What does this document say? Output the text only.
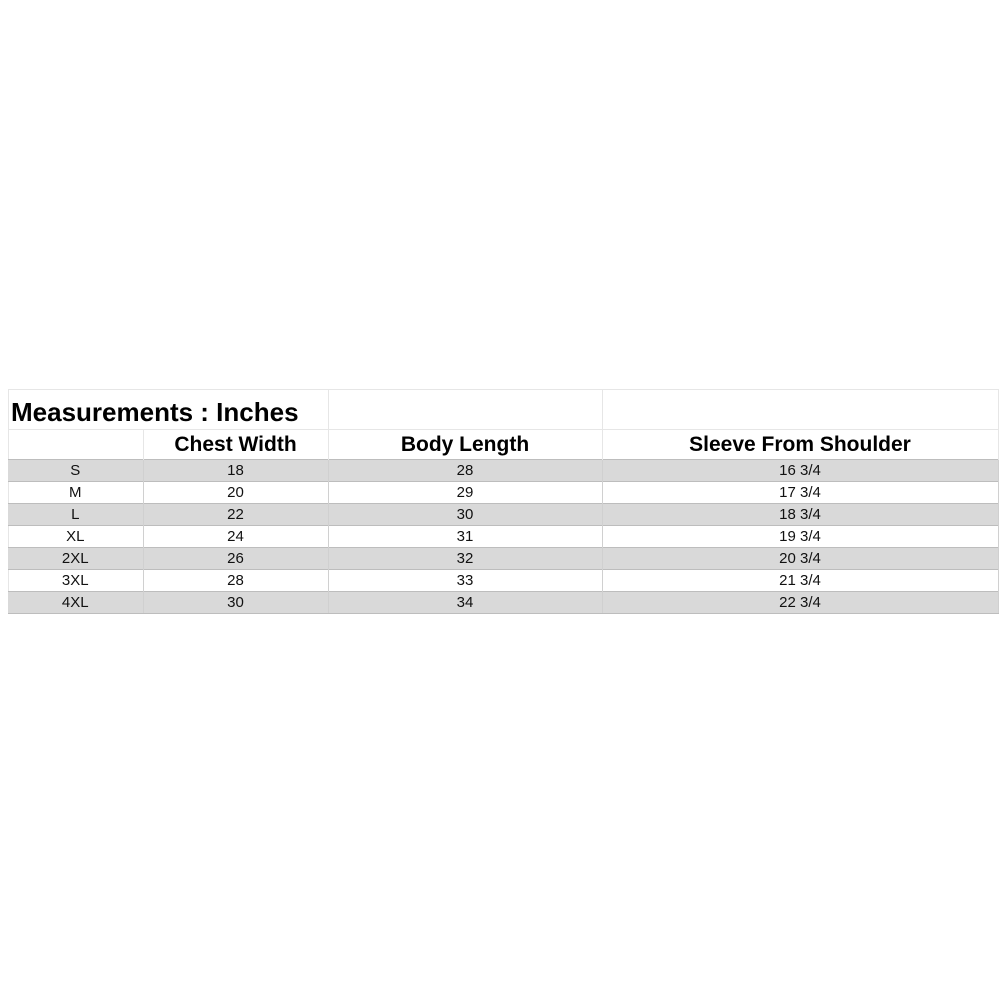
Measurements : Inches			
	Chest Width	Body Length	Sleeve From Shoulder
S	18	28	16 3/4
M	20	29	17 3/4
L	22	30	18 3/4
XL	24	31	19 3/4
2XL	26	32	20 3/4
3XL	28	33	21 3/4
4XL	30	34	22 3/4
